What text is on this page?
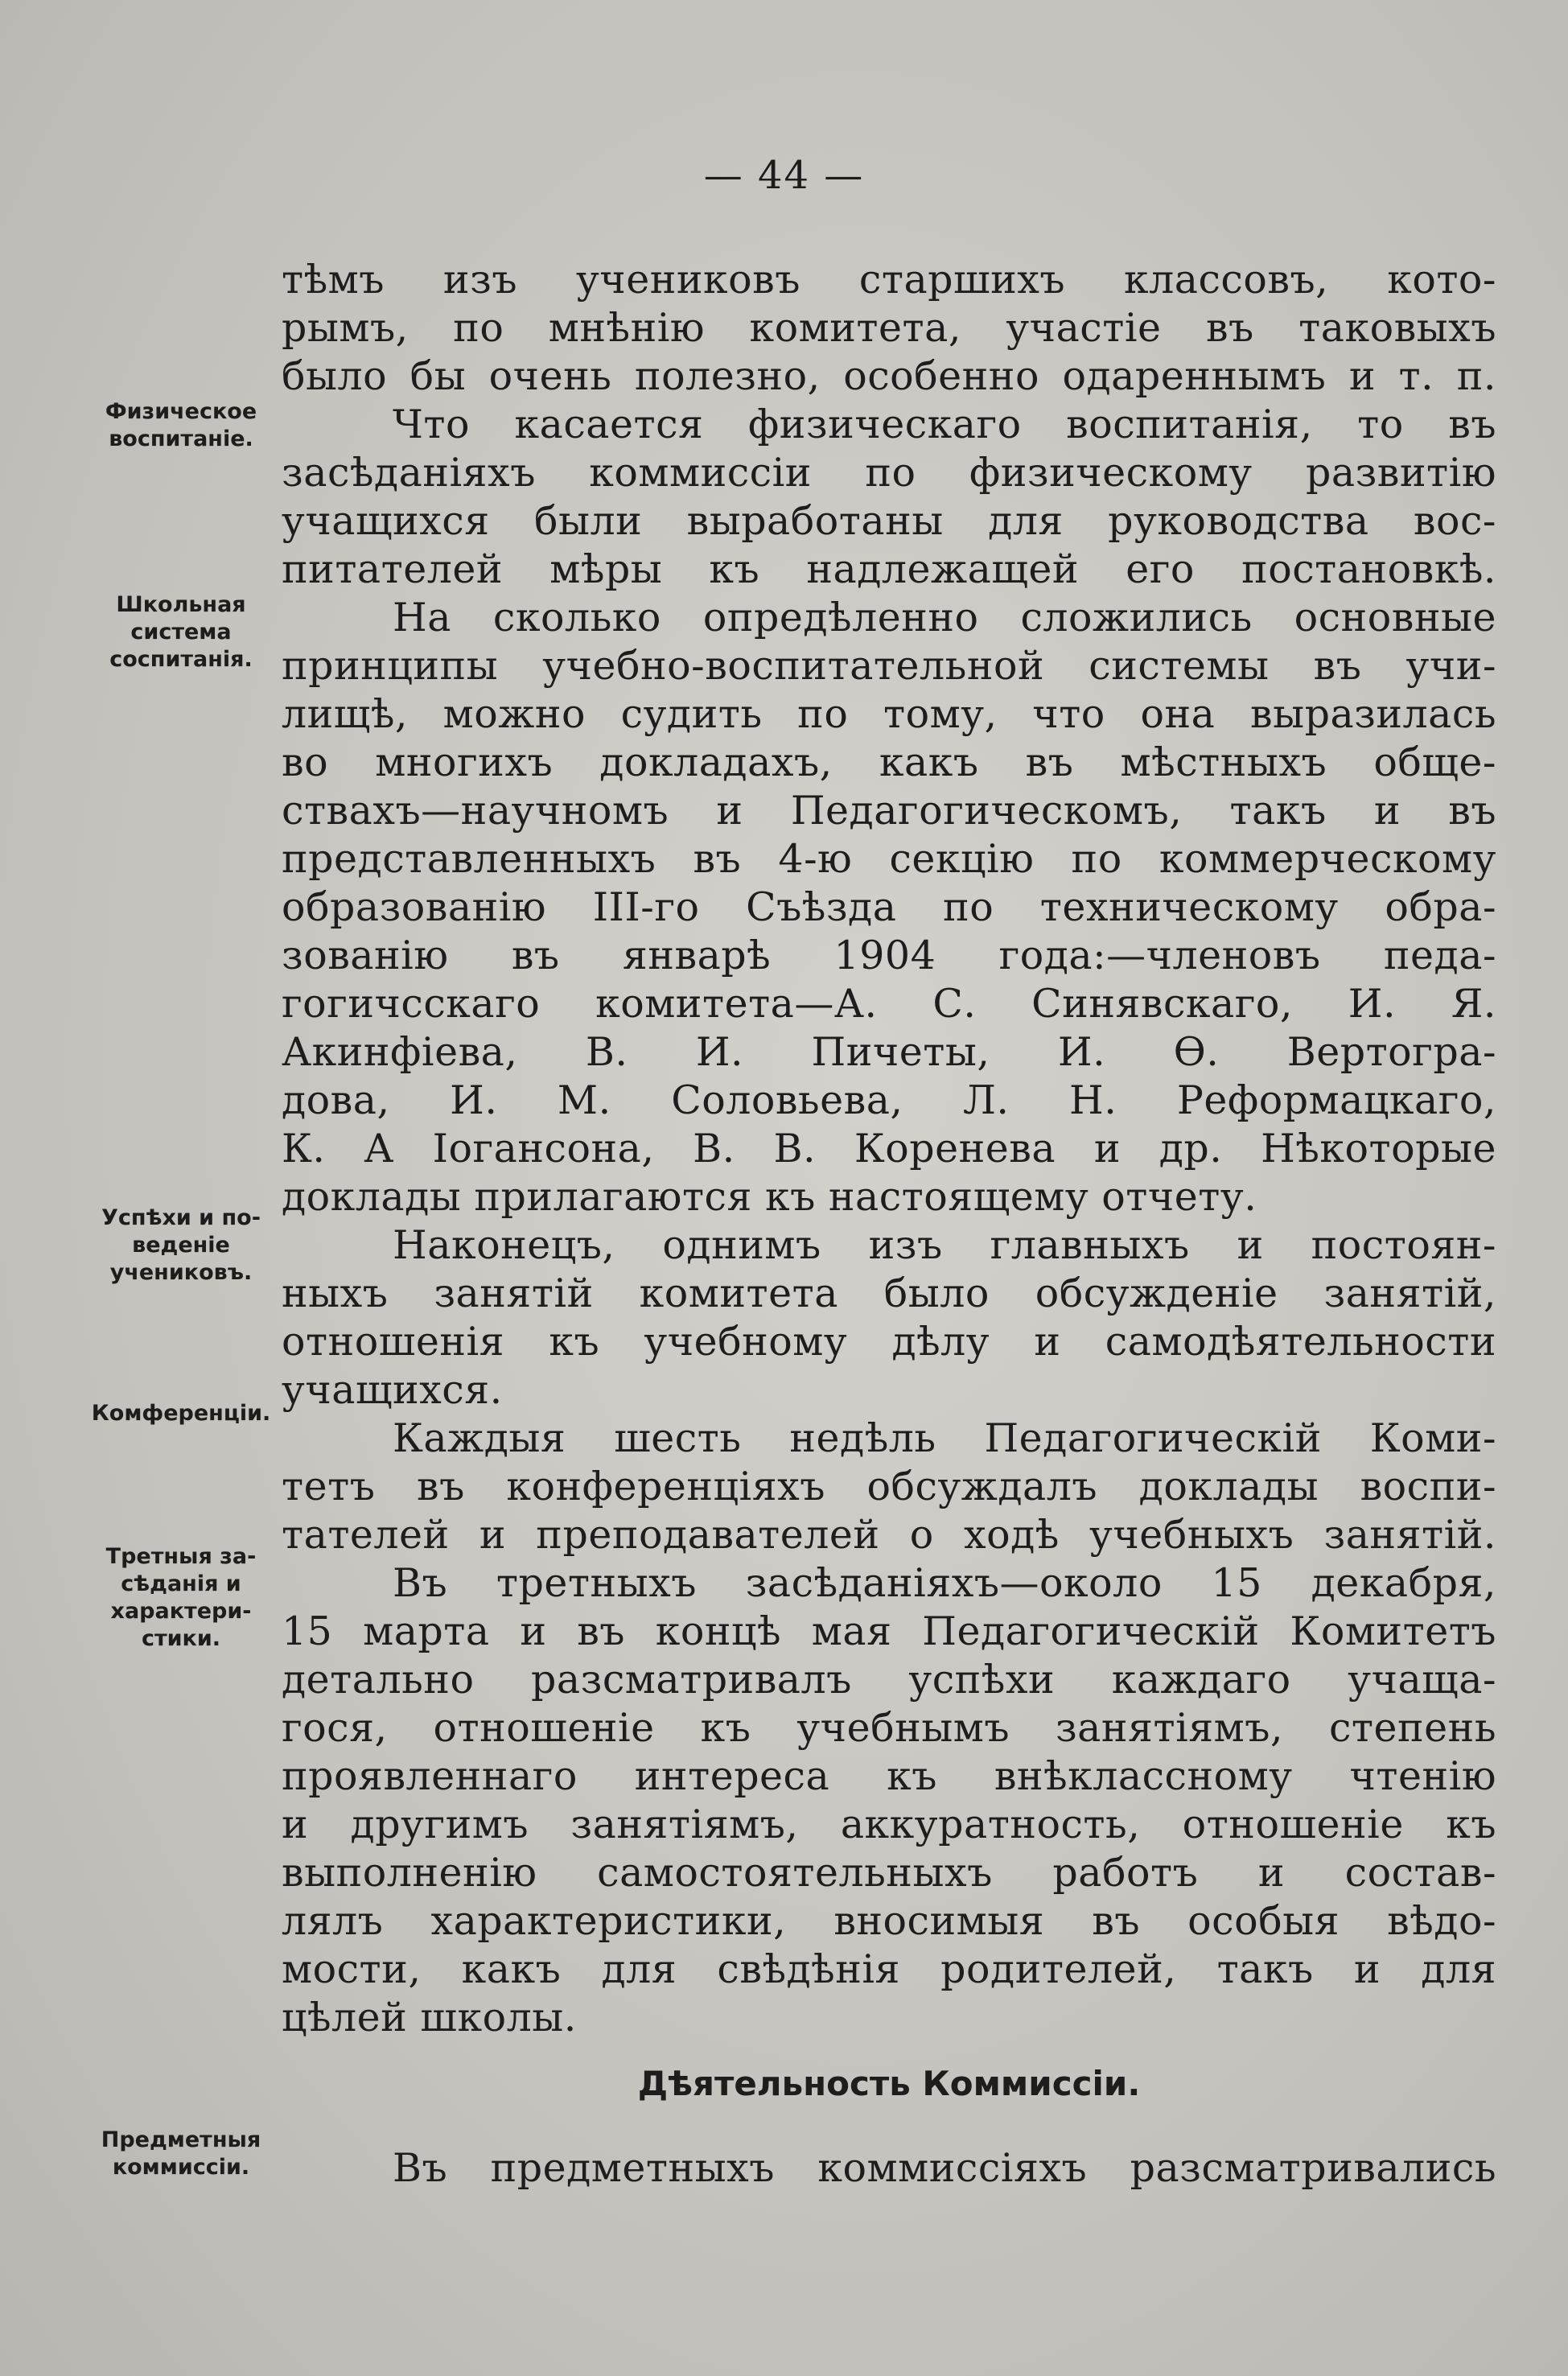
— 44 —
Физическое
воспитаніе.
Школьная
система
соспитанія.
Успѣхи и по-
веденіе
учениковъ.
Комференціи.
Третныя за-
сѣданія и
характери-
стики.
Предметныя
коммиссіи.
тѣмъ изъ учениковъ старшихъ классовъ, кото-
рымъ, по мнѣнію комитета, участіе въ таковыхъ
было бы очень полезно, особенно одареннымъ и т. п.
Что касается физическаго воспитанія, то въ
засѣданіяхъ коммиссіи по физическому развитію
учащихся были выработаны для руководства вос-
питателей мѣры къ надлежащей его постановкѣ.
На сколько опредѣленно сложились основные
принципы учебно-воспитательной системы въ учи-
лищѣ, можно судить по тому, что она выразилась
во многихъ докладахъ, какъ въ мѣстныхъ обще-
ствахъ—научномъ и Педагогическомъ, такъ и въ
представленныхъ въ 4-ю секцію по коммерческому
образованію III-го Съѣзда по техническому обра-
зованію въ январѣ 1904 года:—членовъ педа-
гогичсскаго комитета—А. С. Синявскаго, И. Я.
Акинфіева, В. И. Пичеты, И. Ѳ. Вертогра-
дова, И. М. Соловьева, Л. Н. Реформацкаго,
К. А Іогансона, В. В. Коренева и др. Нѣкоторые
доклады прилагаются къ настоящему отчету.
Наконецъ, однимъ изъ главныхъ и постоян-
ныхъ занятій комитета было обсужденіе занятій,
отношенія къ учебному дѣлу и самодѣятельности
учащихся.
Каждыя шесть недѣль Педагогическій Коми-
тетъ въ конференціяхъ обсуждалъ доклады воспи-
тателей и преподавателей о ходѣ учебныхъ занятій.
Въ третныхъ засѣданіяхъ—около 15 декабря,
15 марта и въ концѣ мая Педагогическій Комитетъ
детально разсматривалъ успѣхи каждаго учаща-
гося, отношеніе къ учебнымъ занятіямъ, степень
проявленнаго интереса къ внѣклассному чтенію
и другимъ занятіямъ, аккуратность, отношеніе къ
выполненію самостоятельныхъ работъ и состав-
лялъ характеристики, вносимыя въ особыя вѣдо-
мости, какъ для свѣдѣнія родителей, такъ и для
цѣлей школы.
Дѣятельность Коммиссіи.
Въ предметныхъ коммиссіяхъ разсматривались
